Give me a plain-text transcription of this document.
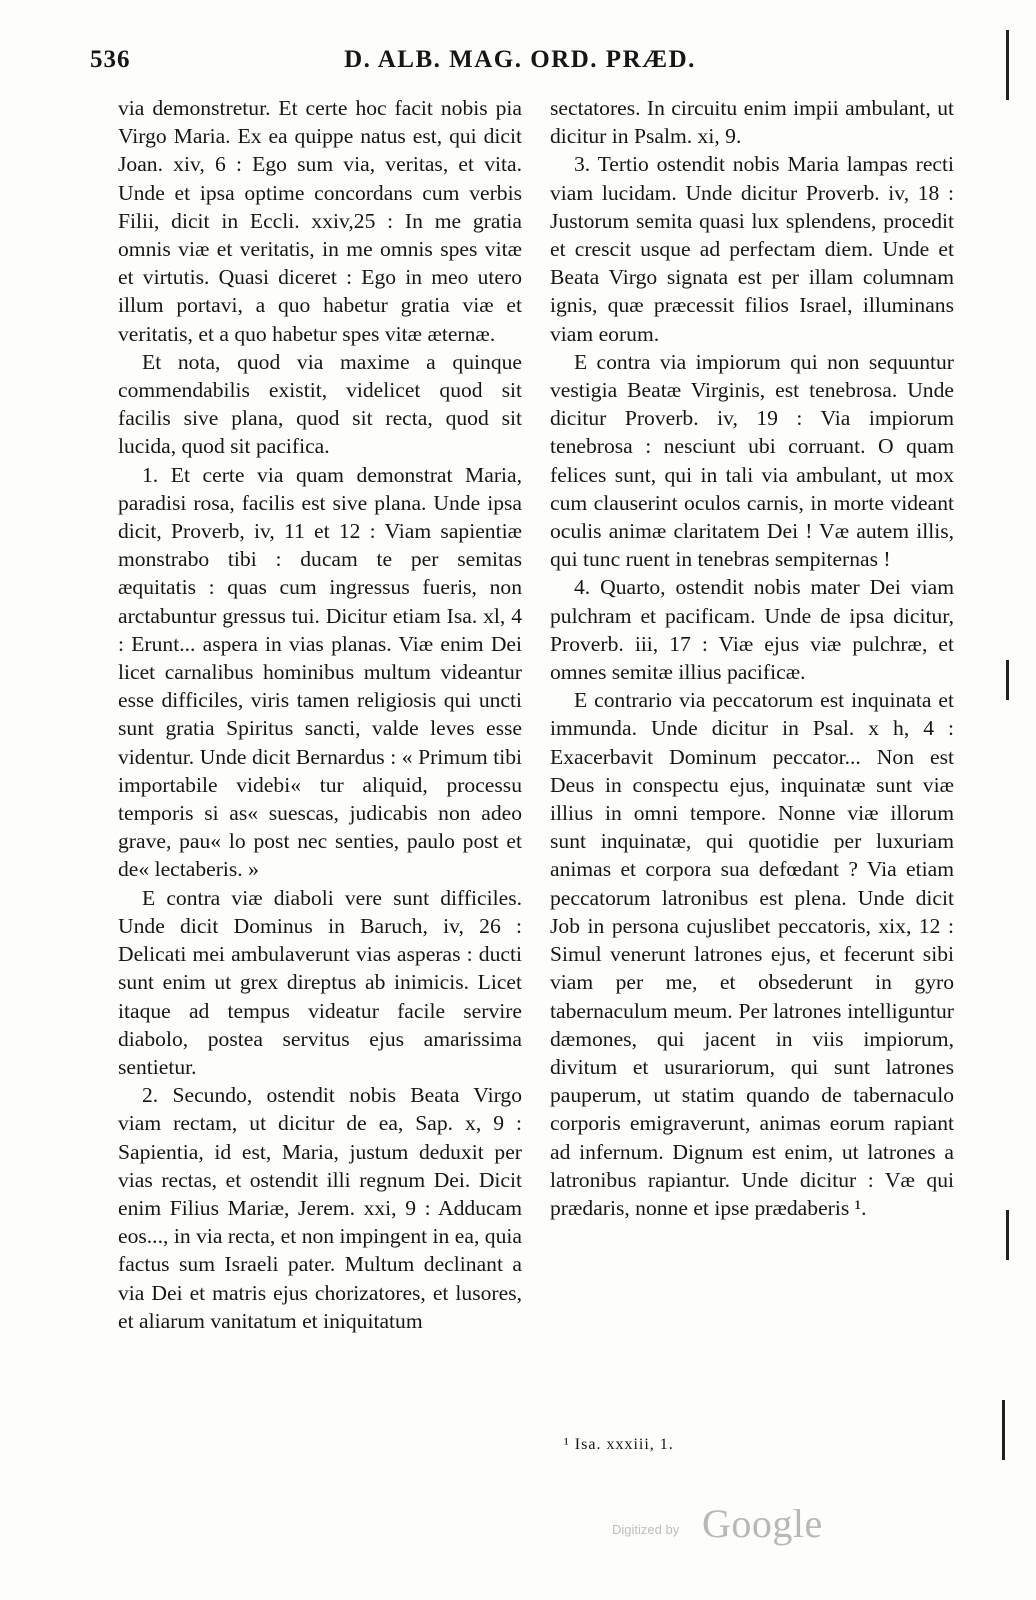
536	D. ALB. MAG. ORD. PRÆD.

via demonstretur. Et certe hoc facit nobis pia Virgo Maria. Ex ea quippe natus est, qui dicit Joan. xiv, 6 : Ego sum via, veritas, et vita. Unde et ipsa optime concordans cum verbis Filii, dicit in Eccli. xxiv,25 : In me gratia omnis viæ et veritatis, in me omnis spes vitæ et virtutis. Quasi diceret : Ego in meo utero illum portavi, a quo habetur gratia viæ et veritatis, et a quo habetur spes vitæ æternæ.

Et nota, quod via maxime a quinque commendabilis existit, videlicet quod sit facilis sive plana, quod sit recta, quod sit lucida, quod sit pacifica.

1. Et certe via quam demonstrat Maria, paradisi rosa, facilis est sive plana. Unde ipsa dicit, Proverb, iv, 11 et 12 : Viam sapientiæ monstrabo tibi : ducam te per semitas æquitatis : quas cum ingressus fueris, non arctabuntur gressus tui. Dicitur etiam Isa. xl, 4 : Erunt... aspera in vias planas. Viæ enim Dei licet carnalibus hominibus multum videantur esse difficiles, viris tamen religiosis qui uncti sunt gratia Spiritus sancti, valde leves esse videntur. Unde dicit Bernardus : « Primum tibi importabile videbi« tur aliquid, processu temporis si as« suescas, judicabis non adeo grave, pau« lo post nec senties, paulo post et de« lectaberis. »

E contra viæ diaboli vere sunt difficiles. Unde dicit Dominus in Baruch, iv, 26 : Delicati mei ambulaverunt vias asperas : ducti sunt enim ut grex direptus ab inimicis. Licet itaque ad tempus videatur facile servire diabolo, postea servitus ejus amarissima sentietur.

2. Secundo, ostendit nobis Beata Virgo viam rectam, ut dicitur de ea, Sap. x, 9 : Sapientia, id est, Maria, justum deduxit per vias rectas, et ostendit illi regnum Dei. Dicit enim Filius Mariæ, Jerem. xxi, 9 : Adducam eos..., in via recta, et non impingent in ea, quia factus sum Israeli pater. Multum declinant a via Dei et matris ejus chorizatores, et lusores, et aliarum vanitatum et iniquitatum

sectatores. In circuitu enim impii ambulant, ut dicitur in Psalm. xi, 9.

3. Tertio ostendit nobis Maria lampas recti viam lucidam. Unde dicitur Proverb. iv, 18 : Justorum semita quasi lux splendens, procedit et crescit usque ad perfectam diem. Unde et Beata Virgo signata est per illam columnam ignis, quæ præcessit filios Israel, illuminans viam eorum.

E contra via impiorum qui non sequuntur vestigia Beatæ Virginis, est tenebrosa. Unde dicitur Proverb. iv, 19 : Via impiorum tenebrosa : nesciunt ubi corruant. O quam felices sunt, qui in tali via ambulant, ut mox cum clauserint oculos carnis, in morte videant oculis animæ claritatem Dei ! Væ autem illis, qui tunc ruent in tenebras sempiternas !

4. Quarto, ostendit nobis mater Dei viam pulchram et pacificam. Unde de ipsa dicitur, Proverb. iii, 17 : Viæ ejus viæ pulchræ, et omnes semitæ illius pacificæ.

E contrario via peccatorum est inquinata et immunda. Unde dicitur in Psal. x h, 4 : Exacerbavit Dominum peccator... Non est Deus in conspectu ejus, inquinatæ sunt viæ illius in omni tempore. Nonne viæ illorum sunt inquinatæ, qui quotidie per luxuriam animas et corpora sua defœdant ? Via etiam peccatorum latronibus est plena. Unde dicit Job in persona cujuslibet peccatoris, xix, 12 : Simul venerunt latrones ejus, et fecerunt sibi viam per me, et obsederunt in gyro tabernaculum meum. Per latrones intelliguntur dæmones, qui jacent in viis impiorum, divitum et usurariorum, qui sunt latrones pauperum, ut statim quando de tabernaculo corporis emigraverunt, animas eorum rapiant ad infernum. Dignum est enim, ut latrones a latronibus rapiantur. Unde dicitur : Væ qui prædaris, nonne et ipse prædaberis ¹.

¹ Isa. xxxiii, 1.
Digitized by Google
